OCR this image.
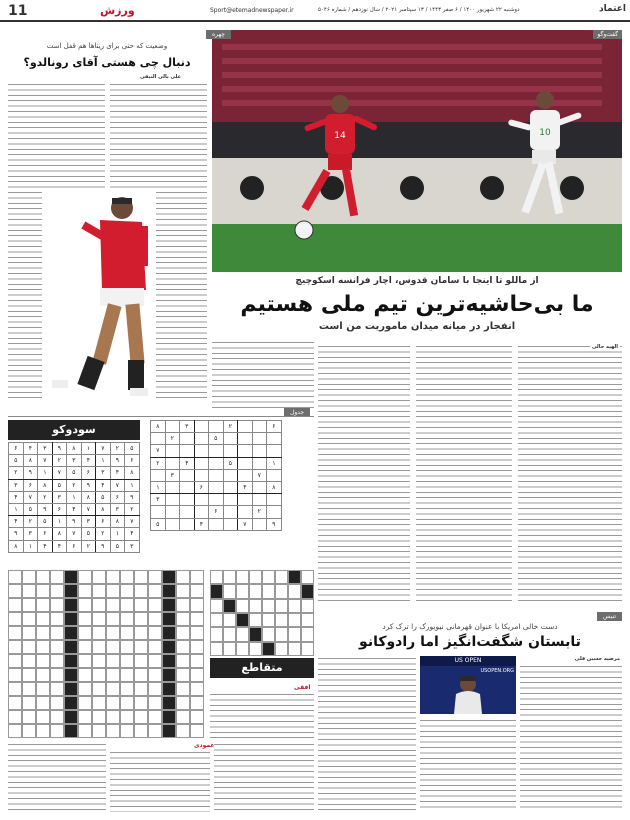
11	ورزش	Sport@etemadnewspaper.ir	دوشنبه ۲۲ شهریور ۱۴۰۰ / ۶ صفر ۱۴۴۳ / ۱۳ سپتامبر ۲۰۲۱ / سال نوزدهم / شماره ۵۰۴۶	اعتماد
14	10
گفت‌وگو
از ماللو تا اینجا با سامان قدوس، اچار فرانسه اسکوچیچ
ما بی‌حاشیه‌ترین تیم ملی هستیم
انفجار در میانه میدان ماموریت من است
الهیه حالی
چهره
وضعیت که حتی برای ریتاها هم قفل است
دنبال چی هستی آقای رونالدو؟
علی بالی التیفی
جدول
۶			۲			۳		۸
				۵			۲	
								۷
۱			۵			۴		۲
	۷						۳	
۸		۴			۶			۱
								۳
	۲			۶				
۹		۷			۴			۵
سودوکو
۵	۲	۷	۱	۸	۹	۳	۴	۶
۶	۹	۱	۴	۳	۲	۷	۸	۵
۸	۴	۳	۶	۵	۷	۱	۹	۲
۱	۷	۴	۹	۲	۵	۸	۶	۳
۹	۶	۵	۸	۱	۳	۲	۷	۴
۲	۳	۸	۷	۴	۶	۹	۵	۱
۷	۸	۶	۳	۹	۱	۵	۲	۴
۴	۱	۲	۵	۷	۸	۶	۳	۹
۳	۵	۹	۲	۶	۴	۴	۱	۸
متقاطع
افقی
عمودی
تنیس
دست خالی امریکا با عنوان قهرمانی نیویورک را ترک کرد
تابستان شگفت‌انگیز اما رادوکانو
مرضیه حسین قلی
US OPEN
USOPEN.ORG
